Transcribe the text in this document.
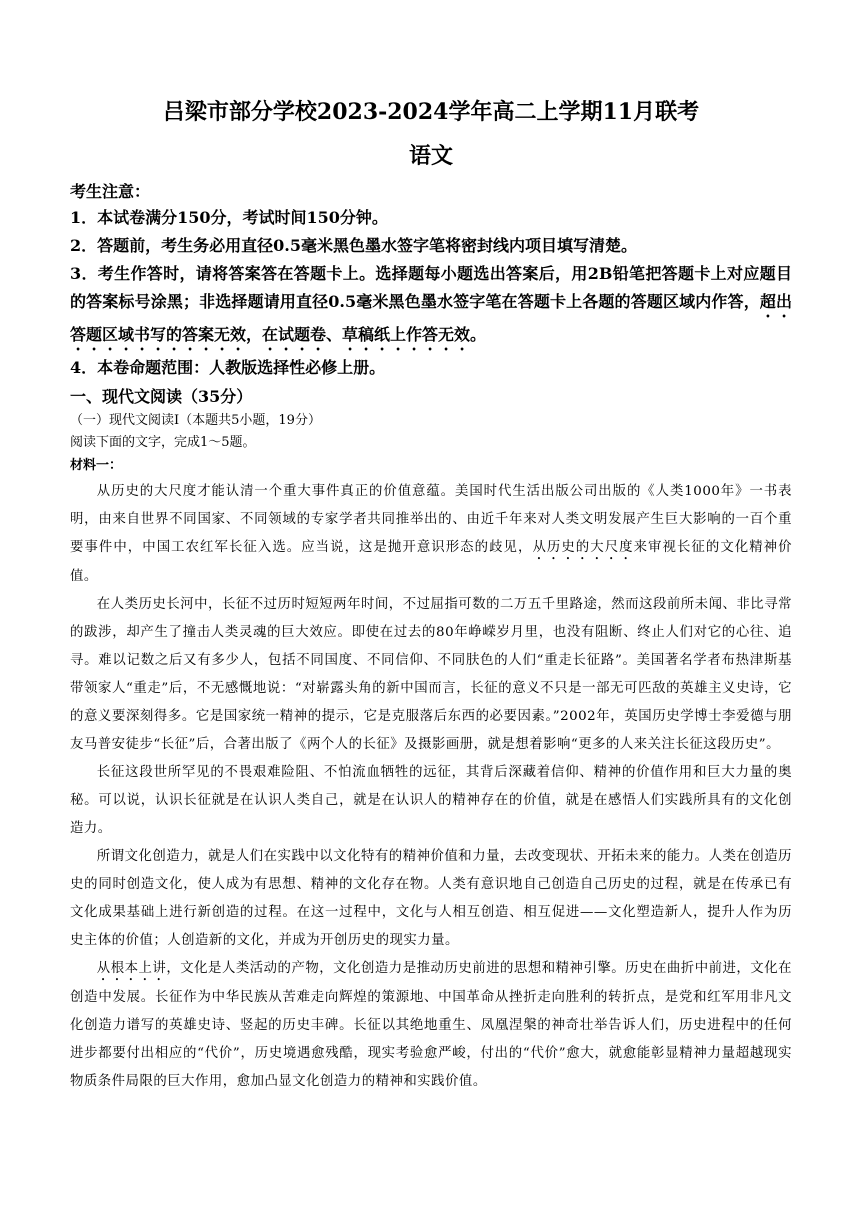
吕梁市部分学校2023-2024学年高二上学期11月联考

语文

考生注意：

1．本试卷满分150分，考试时间150分钟。

2．答题前，考生务必用直径0.5毫米黑色墨水签字笔将密封线内项目填写清楚。

3．考生作答时，请将答案答在答题卡上。选择题每小题选出答案后，用2B铅笔把答题卡上对应题目的答案标号涂黑；非选择题请用直径0.5毫米黑色墨水签字笔在答题卡上各题的答题区域内作答，超出答题区域书写的答案无效，在试题卷、草稿纸上作答无效。

4．本卷命题范围：人教版选择性必修上册。

一、现代文阅读（35分）

（一）现代文阅读Ⅰ（本题共5小题，19分）

阅读下面的文字，完成1～5题。

材料一：

从历史的大尺度才能认清一个重大事件真正的价值意蕴。美国时代生活出版公司出版的《人类1000年》一书表明，由来自世界不同国家、不同领域的专家学者共同推举出的、由近千年来对人类文明发展产生巨大影响的一百个重要事件中，中国工农红军长征入选。应当说，这是抛开意识形态的歧见，从历史的大尺度来审视长征的文化精神价值。

在人类历史长河中，长征不过历时短短两年时间，不过屈指可数的二万五千里路途，然而这段前所未闻、非比寻常的跋涉，却产生了撞击人类灵魂的巨大效应。即使在过去的80年峥嵘岁月里，也没有阻断、终止人们对它的心往、追寻。难以记数之后又有多少人，包括不同国度、不同信仰、不同肤色的人们“重走长征路”。美国著名学者布热津斯基带领家人“重走”后，不无感慨地说：“对崭露头角的新中国而言，长征的意义不只是一部无可匹敌的英雄主义史诗，它的意义要深刻得多。它是国家统一精神的提示，它是克服落后东西的必要因素。”2002年，英国历史学博士李爱德与朋友马普安徒步“长征”后，合著出版了《两个人的长征》及摄影画册，就是想着影响“更多的人来关注长征这段历史”。

长征这段世所罕见的不畏艰难险阻、不怕流血牺牲的远征，其背后深藏着信仰、精神的价值作用和巨大力量的奥秘。可以说，认识长征就是在认识人类自己，就是在认识人的精神存在的价值，就是在感悟人们实践所具有的文化创造力。

所谓文化创造力，就是人们在实践中以文化特有的精神价值和力量，去改变现状、开拓未来的能力。人类在创造历史的同时创造文化，使人成为有思想、精神的文化存在物。人类有意识地自己创造自己历史的过程，就是在传承已有文化成果基础上进行新创造的过程。在这一过程中，文化与人相互创造、相互促进——文化塑造新人，提升人作为历史主体的价值；人创造新的文化，并成为开创历史的现实力量。

从根本上讲，文化是人类活动的产物，文化创造力是推动历史前进的思想和精神引擎。历史在曲折中前进，文化在创造中发展。长征作为中华民族从苦难走向辉煌的策源地、中国革命从挫折走向胜利的转折点，是党和红军用非凡文化创造力谱写的英雄史诗、竖起的历史丰碑。长征以其绝地重生、凤凰涅槃的神奇壮举告诉人们，历史进程中的任何进步都要付出相应的“代价”，历史境遇愈残酷，现实考验愈严峻，付出的“代价”愈大，就愈能彰显精神力量超越现实物质条件局限的巨大作用，愈加凸显文化创造力的精神和实践价值。
